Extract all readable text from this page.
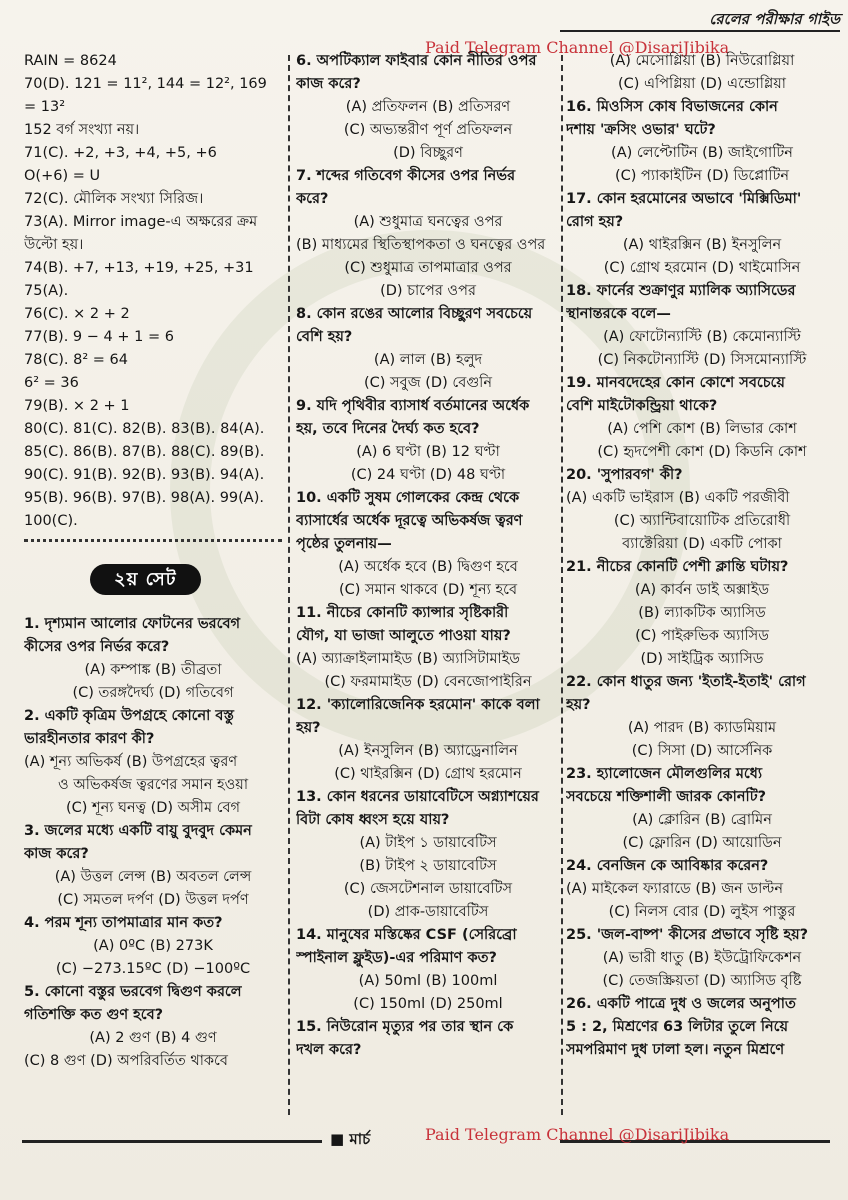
রেলের পরীক্ষার গাইড
Paid Telegram Channel @DisariJibika
RAIN = 8624
70(D). 121 = 11², 144 = 12², 169
= 13²
152 বর্গ সংখ্যা নয়।
71(C). +2, +3, +4, +5, +6
O(+6) = U
72(C). মৌলিক সংখ্যা সিরিজ।
73(A). Mirror image-এ অক্ষরের ক্রম
উল্টো হয়।
74(B). +7, +13, +19, +25, +31
75(A).
76(C). × 2 + 2
77(B). 9 − 4 + 1 = 6
78(C). 8² = 64
6² = 36
79(B). × 2 + 1
80(C). 81(C). 82(B). 83(B). 84(A).
85(C). 86(B). 87(B). 88(C). 89(B).
90(C). 91(B). 92(B). 93(B). 94(A).
95(B). 96(B). 97(B). 98(A). 99(A).
100(C).
২য় সেট
1. দৃশ্যমান আলোর ফোটনের ভরবেগ
কীসের ওপর নির্ভর করে?
(A) কম্পাঙ্ক (B) তীব্রতা
(C) তরঙ্গদৈর্ঘ্য (D) গতিবেগ
2. একটি কৃত্রিম উপগ্রহে কোনো বস্তু
ভারহীনতার কারণ কী?
(A) শূন্য অভিকর্ষ (B) উপগ্রহের ত্বরণ
ও অভিকর্ষজ ত্বরণের সমান হওয়া
(C) শূন্য ঘনত্ব (D) অসীম বেগ
3. জলের মধ্যে একটি বায়ু বুদবুদ কেমন
কাজ করে?
(A) উত্তল লেন্স (B) অবতল লেন্স
(C) সমতল দর্পণ (D) উত্তল দর্পণ
4. পরম শূন্য তাপমাত্রার মান কত?
(A) 0ºC (B) 273K
(C) −273.15ºC (D) −100ºC
5. কোনো বস্তুর ভরবেগ দ্বিগুণ করলে
গতিশক্তি কত গুণ হবে?
(A) 2 গুণ (B) 4 গুণ
(C) 8 গুণ (D) অপরিবর্তিত থাকবে
6. অপটিক্যাল ফাইবার কোন নীতির ওপর
কাজ করে?
(A) প্রতিফলন (B) প্রতিসরণ
(C) অভ্যন্তরীণ পূর্ণ প্রতিফলন
(D) বিচ্ছুরণ
7. শব্দের গতিবেগ কীসের ওপর নির্ভর
করে?
(A) শুধুমাত্র ঘনত্বের ওপর
(B) মাধ্যমের স্থিতিস্থাপকতা ও ঘনত্বের ওপর
(C) শুধুমাত্র তাপমাত্রার ওপর
(D) চাপের ওপর
8. কোন রঙের আলোর বিচ্ছুরণ সবচেয়ে
বেশি হয়?
(A) লাল (B) হলুদ
(C) সবুজ (D) বেগুনি
9. যদি পৃথিবীর ব্যাসার্ধ বর্তমানের অর্ধেক
হয়, তবে দিনের দৈর্ঘ্য কত হবে?
(A) 6 ঘণ্টা (B) 12 ঘণ্টা
(C) 24 ঘণ্টা (D) 48 ঘণ্টা
10. একটি সুষম গোলকের কেন্দ্র থেকে
ব্যাসার্ধের অর্ধেক দূরত্বে অভিকর্ষজ ত্বরণ
পৃষ্ঠের তুলনায়—
(A) অর্ধেক হবে (B) দ্বিগুণ হবে
(C) সমান থাকবে (D) শূন্য হবে
11. নীচের কোনটি ক্যান্সার সৃষ্টিকারী
যৌগ, যা ভাজা আলুতে পাওয়া যায়?
(A) অ্যাক্রাইলামাইড (B) অ্যাসিটামাইড
(C) ফরমামাইড (D) বেনজোপাইরিন
12. 'ক্যালোরিজেনিক হরমোন' কাকে বলা
হয়?
(A) ইনসুলিন (B) অ্যাড্রেনালিন
(C) থাইরক্সিন (D) গ্রোথ হরমোন
13. কোন ধরনের ডায়াবেটিসে অগ্ন্যাশয়ের
বিটা কোষ ধ্বংস হয়ে যায়?
(A) টাইপ ১ ডায়াবেটিস
(B) টাইপ ২ ডায়াবেটিস
(C) জেসটেশনাল ডায়াবেটিস
(D) প্রাক-ডায়াবেটিস
14. মানুষের মস্তিষ্কের CSF (সেরিব্রো
স্পাইনাল ফ্লুইড)-এর পরিমাণ কত?
(A) 50ml (B) 100ml
(C) 150ml (D) 250ml
15. নিউরোন মৃত্যুর পর তার স্থান কে
দখল করে?
(A) মেসোগ্লিয়া (B) নিউরোগ্লিয়া
(C) এপিগ্লিয়া (D) এন্ডোগ্লিয়া
16. মিওসিস কোষ বিভাজনের কোন
দশায় 'ক্রসিং ওভার' ঘটে?
(A) লেপ্টোটিন (B) জাইগোটিন
(C) প্যাকাইটিন (D) ডিপ্লোটিন
17. কোন হরমোনের অভাবে 'মিক্সিডিমা'
রোগ হয়?
(A) থাইরক্সিন (B) ইনসুলিন
(C) গ্রোথ হরমোন (D) থাইমোসিন
18. ফার্নের শুক্রাণুর ম্যালিক অ্যাসিডের
স্থানান্তরকে বলে—
(A) ফোটোন্যাস্টি (B) কেমোন্যাস্টি
(C) নিকটোন্যাস্টি (D) সিসমোন্যাস্টি
19. মানবদেহের কোন কোশে সবচেয়ে
বেশি মাইটোকন্ড্রিয়া থাকে?
(A) পেশি কোশ (B) লিভার কোশ
(C) হৃদপেশী কোশ (D) কিডনি কোশ
20. 'সুপারবগ' কী?
(A) একটি ভাইরাস (B) একটি পরজীবী
(C) অ্যান্টিবায়োটিক প্রতিরোধী
ব্যাক্টেরিয়া (D) একটি পোকা
21. নীচের কোনটি পেশী ক্লান্তি ঘটায়?
(A) কার্বন ডাই অক্সাইড
(B) ল্যাকটিক অ্যাসিড
(C) পাইরুভিক অ্যাসিড
(D) সাইট্রিক অ্যাসিড
22. কোন ধাতুর জন্য 'ইতাই-ইতাই' রোগ
হয়?
(A) পারদ (B) ক্যাডমিয়াম
(C) সিসা (D) আর্সেনিক
23. হ্যালোজেন মৌলগুলির মধ্যে
সবচেয়ে শক্তিশালী জারক কোনটি?
(A) ক্লোরিন (B) ব্রোমিন
(C) ফ্লোরিন (D) আয়োডিন
24. বেনজিন কে আবিষ্কার করেন?
(A) মাইকেল ফ্যারাডে (B) জন ডাল্টন
(C) নিলস বোর (D) লুইস পাস্তুর
25. 'জল-বাষ্প' কীসের প্রভাবে সৃষ্টি হয়?
(A) ভারী ধাতু (B) ইউট্রোফিকেশন
(C) তেজস্ক্রিয়তা (D) অ্যাসিড বৃষ্টি
26. একটি পাত্রে দুধ ও জলের অনুপাত
5 : 2, মিশ্রণের 63 লিটার তুলে নিয়ে
সমপরিমাণ দুধ ঢালা হল। নতুন মিশ্রণে
■ মার্চ	Paid Telegram Channel @DisariJibika
